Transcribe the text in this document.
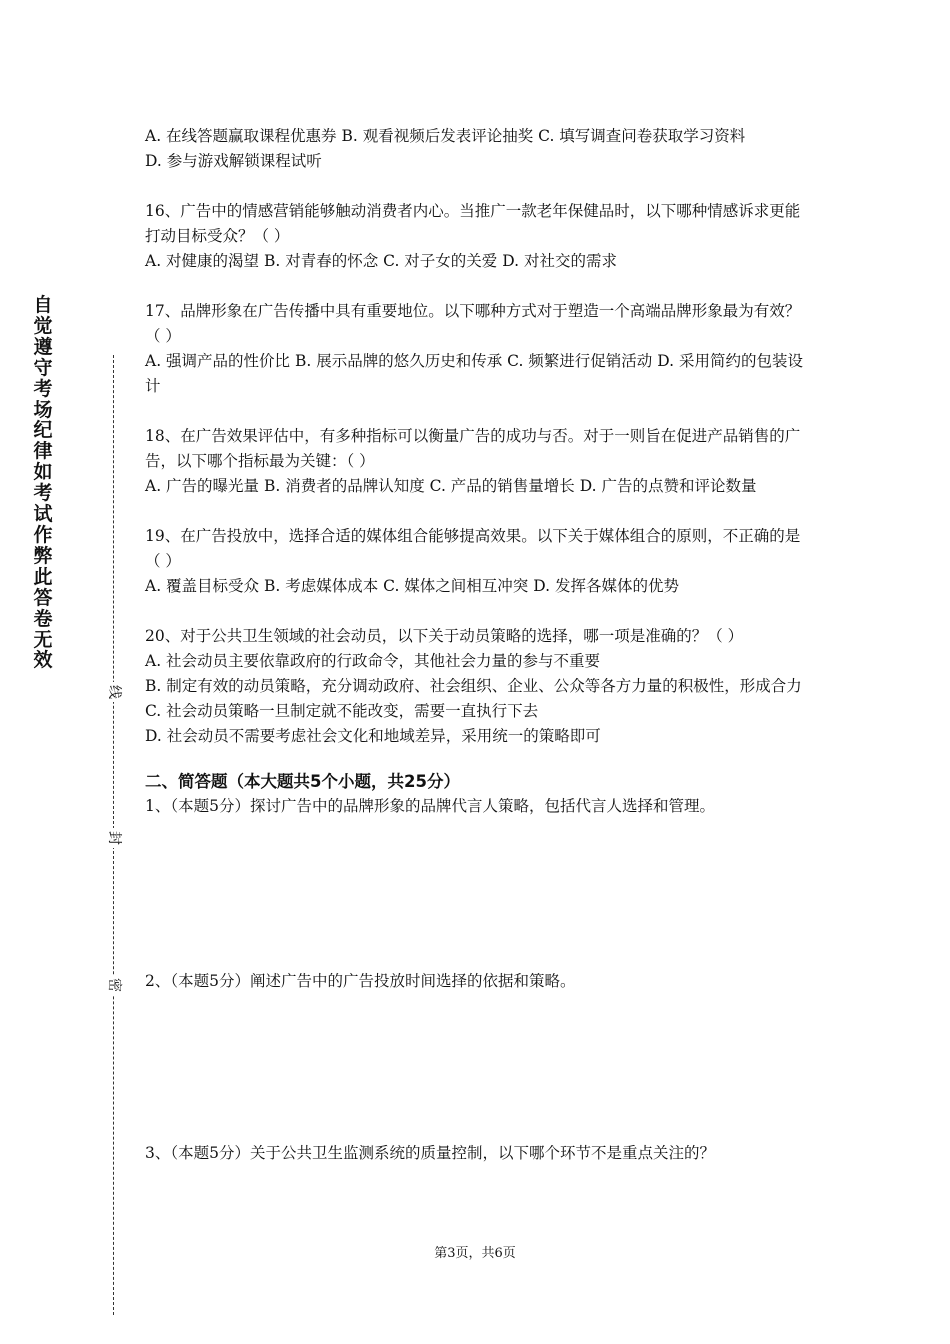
自觉遵守考场纪律如考试作弊此答卷无效
线
封
密

A. 在线答题赢取课程优惠券 B. 观看视频后发表评论抽奖 C. 填写调查问卷获取学习资料

D. 参与游戏解锁课程试听

16、广告中的情感营销能够触动消费者内心。当推广一款老年保健品时，以下哪种情感诉求更能打动目标受众？（ ）

A. 对健康的渴望 B. 对青春的怀念 C. 对子女的关爱 D. 对社交的需求

17、品牌形象在广告传播中具有重要地位。以下哪种方式对于塑造一个高端品牌形象最为有效？（ ）

A. 强调产品的性价比 B. 展示品牌的悠久历史和传承 C. 频繁进行促销活动 D. 采用简约的包装设计

18、在广告效果评估中，有多种指标可以衡量广告的成功与否。对于一则旨在促进产品销售的广告，以下哪个指标最为关键：（ ）

A. 广告的曝光量 B. 消费者的品牌认知度 C. 产品的销售量增长 D. 广告的点赞和评论数量

19、在广告投放中，选择合适的媒体组合能够提高效果。以下关于媒体组合的原则，不正确的是（ ）

A. 覆盖目标受众 B. 考虑媒体成本 C. 媒体之间相互冲突 D. 发挥各媒体的优势

20、对于公共卫生领域的社会动员，以下关于动员策略的选择，哪一项是准确的？（ ）

A. 社会动员主要依靠政府的行政命令，其他社会力量的参与不重要

B. 制定有效的动员策略，充分调动政府、社会组织、企业、公众等各方力量的积极性，形成合力

C. 社会动员策略一旦制定就不能改变，需要一直执行下去

D. 社会动员不需要考虑社会文化和地域差异，采用统一的策略即可

二、简答题（本大题共5个小题，共25分）

1、（本题5分）探讨广告中的品牌形象的品牌代言人策略，包括代言人选择和管理。

2、（本题5分）阐述广告中的广告投放时间选择的依据和策略。

3、（本题5分）关于公共卫生监测系统的质量控制，以下哪个环节不是重点关注的？

第3页，共6页
